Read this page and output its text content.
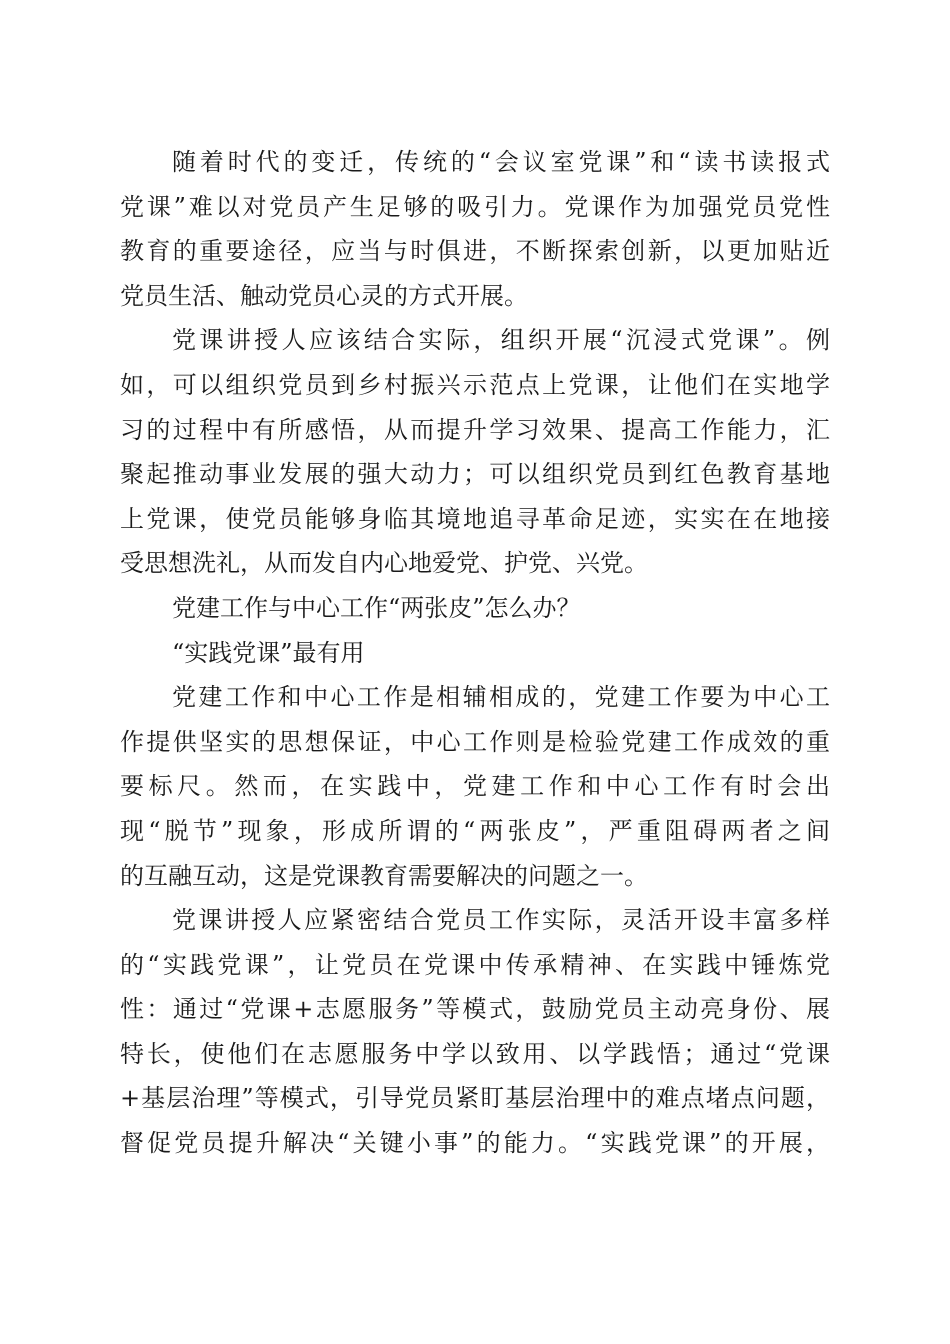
随着时代的变迁，传统的“会议室党课”和“读书读报式
党课”难以对党员产生足够的吸引力。党课作为加强党员党性
教育的重要途径，应当与时俱进，不断探索创新，以更加贴近
党员生活、触动党员心灵的方式开展。
党课讲授人应该结合实际，组织开展“沉浸式党课”。例
如，可以组织党员到乡村振兴示范点上党课，让他们在实地学
习的过程中有所感悟，从而提升学习效果、提高工作能力，汇
聚起推动事业发展的强大动力；可以组织党员到红色教育基地
上党课，使党员能够身临其境地追寻革命足迹，实实在在地接
受思想洗礼，从而发自内心地爱党、护党、兴党。
党建工作与中心工作“两张皮”怎么办？
“实践党课”最有用
党建工作和中心工作是相辅相成的，党建工作要为中心工
作提供坚实的思想保证，中心工作则是检验党建工作成效的重
要标尺。然而，在实践中，党建工作和中心工作有时会出
现“脱节”现象，形成所谓的“两张皮”，严重阻碍两者之间
的互融互动，这是党课教育需要解决的问题之一。
党课讲授人应紧密结合党员工作实际，灵活开设丰富多样
的“实践党课”，让党员在党课中传承精神、在实践中锤炼党
性：通过“党课+志愿服务”等模式，鼓励党员主动亮身份、展
特长，使他们在志愿服务中学以致用、以学践悟；通过“党课
+基层治理”等模式，引导党员紧盯基层治理中的难点堵点问题，
督促党员提升解决“关键小事”的能力。“实践党课”的开展，
